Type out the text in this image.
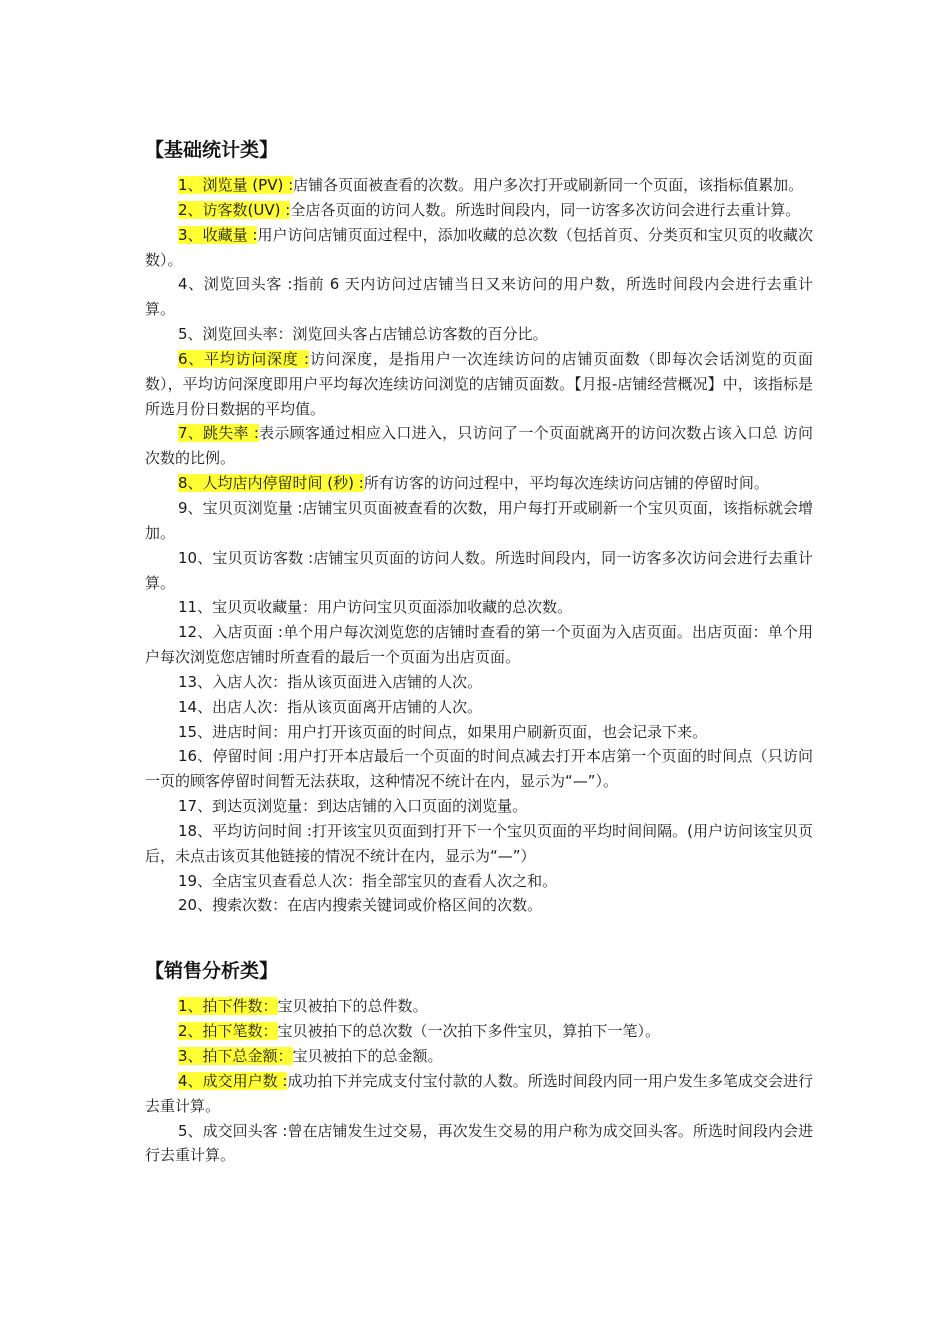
【基础统计类】

1、浏览量 (PV) :店铺各页面被查看的次数。用户多次打开或刷新同一个页面，该指标值累加。

2、访客数(UV) :全店各页面的访问人数。所选时间段内，同一访客多次访问会进行去重计算。

3、收藏量 :用户访问店铺页面过程中，添加收藏的总次数（包括首页、分类页和宝贝页的收藏次数）。

4、浏览回头客 :指前 6 天内访问过店铺当日又来访问的用户数，所选时间段内会进行去重计算。

5、浏览回头率：浏览回头客占店铺总访客数的百分比。

6、平均访问深度 :访问深度，是指用户一次连续访问的店铺页面数（即每次会话浏览的页面数），平均访问深度即用户平均每次连续访问浏览的店铺页面数。【月报-店铺经营概况】中，该指标是所选月份日数据的平均值。

7、跳失率 :表示顾客通过相应入口进入，只访问了一个页面就离开的访问次数占该入口总 访问次数的比例。

8、人均店内停留时间 (秒) :所有访客的访问过程中，平均每次连续访问店铺的停留时间。

9、宝贝页浏览量 :店铺宝贝页面被查看的次数，用户每打开或刷新一个宝贝页面，该指标就会增加。

10、宝贝页访客数 :店铺宝贝页面的访问人数。所选时间段内，同一访客多次访问会进行去重计算。

11、宝贝页收藏量：用户访问宝贝页面添加收藏的总次数。

12、入店页面 :单个用户每次浏览您的店铺时查看的第一个页面为入店页面。出店页面：单个用户每次浏览您店铺时所查看的最后一个页面为出店页面。

13、入店人次：指从该页面进入店铺的人次。

14、出店人次：指从该页面离开店铺的人次。

15、进店时间：用户打开该页面的时间点，如果用户刷新页面，也会记录下来。

16、停留时间 :用户打开本店最后一个页面的时间点减去打开本店第一个页面的时间点（只访问一页的顾客停留时间暂无法获取，这种情况不统计在内，显示为“—”）。

17、到达页浏览量：到达店铺的入口页面的浏览量。

18、平均访问时间 :打开该宝贝页面到打开下一个宝贝页面的平均时间间隔。(用户访问该宝贝页后，未点击该页其他链接的情况不统计在内，显示为“—”）

19、全店宝贝查看总人次：指全部宝贝的查看人次之和。

20、搜索次数：在店内搜索关键词或价格区间的次数。

【销售分析类】

1、拍下件数：宝贝被拍下的总件数。

2、拍下笔数：宝贝被拍下的总次数（一次拍下多件宝贝，算拍下一笔）。

3、拍下总金额：宝贝被拍下的总金额。

4、成交用户数 :成功拍下并完成支付宝付款的人数。所选时间段内同一用户发生多笔成交会进行去重计算。

5、成交回头客 :曾在店铺发生过交易，再次发生交易的用户称为成交回头客。所选时间段内会进行去重计算。
